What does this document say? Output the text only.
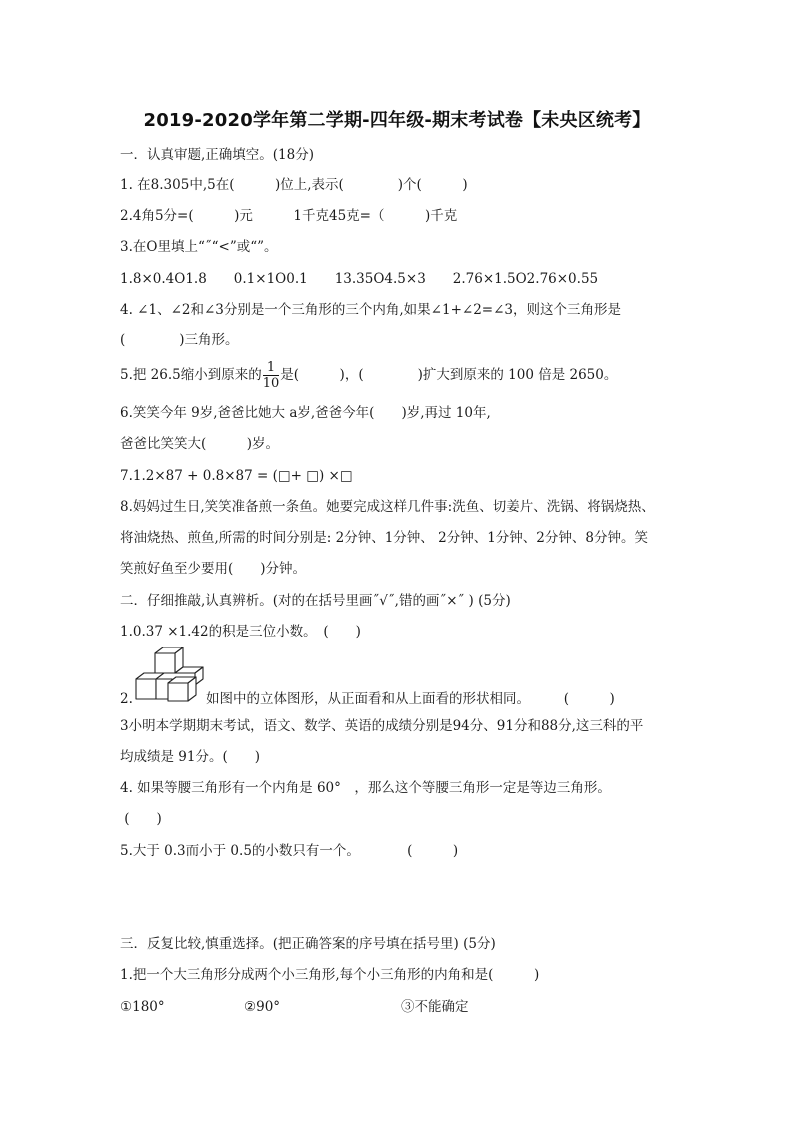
2019-2020学年第二学期-四年级-期末考试卷【未央区统考】
一．认真审题,正确填空。(18分)
1. 在8.305中,5在(　　　)位上,表示(　　　　)个(　　　)
2.4角5分=(　　　)元　　　1千克45克=（　　　)千克
3.在O里填上“˝“<”或“”。
1.8×0.4O1.8　　0.1×1O0.1　　13.35O4.5×3　　2.76×1.5O2.76×0.55
4. ∠1、∠2和∠3分别是一个三角形的三个内角,如果∠1+∠2=∠3，则这个三角形是
(　　　　)三角形。
5.把 26.5缩小到原来的 $\frac{1}{10}$ 是(　　　)，(　　　　)扩大到原来的 100 倍是 2650。
6.笑笑今年 9岁,爸爸比她大 a岁,爸爸今年(　　)岁,再过 10年,
爸爸比笑笑大(　　　)岁。
7.1.2×87 + 0.8×87 = (□+ □) ×□
8.妈妈过生日,笑笑准备煎一条鱼。她要完成这样几件事:洗鱼、切姜片、洗锅、将锅烧热、
将油烧热、煎鱼,所需的时间分别是: 2分钟、1分钟、 2分钟、1分钟、2分钟、8分钟。笑
笑煎好鱼至少要用(　　)分钟。
二．仔细推敲,认真辨析。(对的在括号里画˝√˝,错的画˝×˝ ) (5分)
1.0.37 ×1.42的积是三位小数。　(　　)
2.	如图中的立体图形，从正面看和从上面看的形状相同。　　　(　　　)
3小明本学期期末考试，语文、数学、英语的成绩分别是94分、91分和88分,这三科的平
均成绩是 91分。(　　)
4. 如果等腰三角形有一个内角是 60°　，那么这个等腰三角形一定是等边三角形。
(　　)
5.大于 0.3而小于 0.5的小数只有一个。　　　　(　　　)
三．反复比较,慎重选择。(把正确答案的序号填在括号里) (5分)
1.把一个大三角形分成两个小三角形,每个小三角形的内角和是(　　　)
①180°	②90°	③不能确定
